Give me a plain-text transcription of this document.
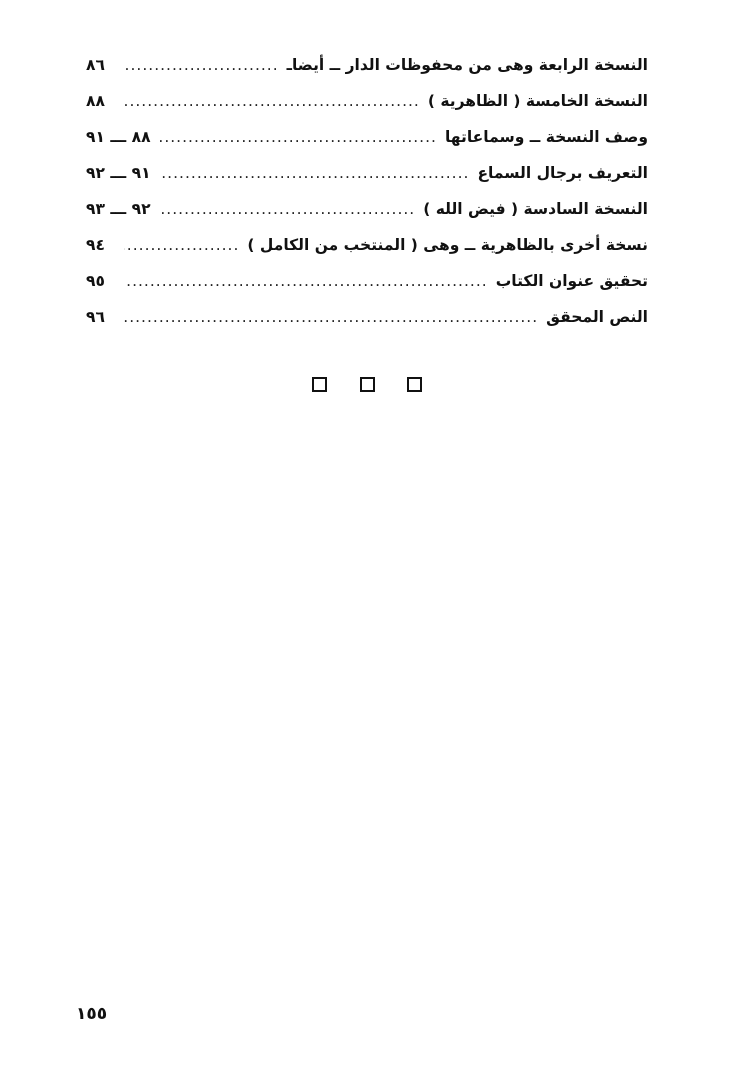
النسخة الرابعة وهى من محفوظات الدار ــ أيضاـ
.....
٨٦
النسخة الخامسة ( الظاهرية )
.....
٨٨
وصف النسخة ــ وسماعاتها
.....
٨٨ ـــ ٩١
التعريف برجال السماع
.....
٩١ ـــ ٩٢
النسخة السادسة ( فيض الله )
.....
٩٢ ـــ ٩٣
نسخة أخرى بالظاهرية ــ وهى ( المنتخب من الكامل )
.....
٩٤
تحقيق عنوان الكتاب
.....
٩٥
النص المحقق
.....
٩٦
١٥٥
